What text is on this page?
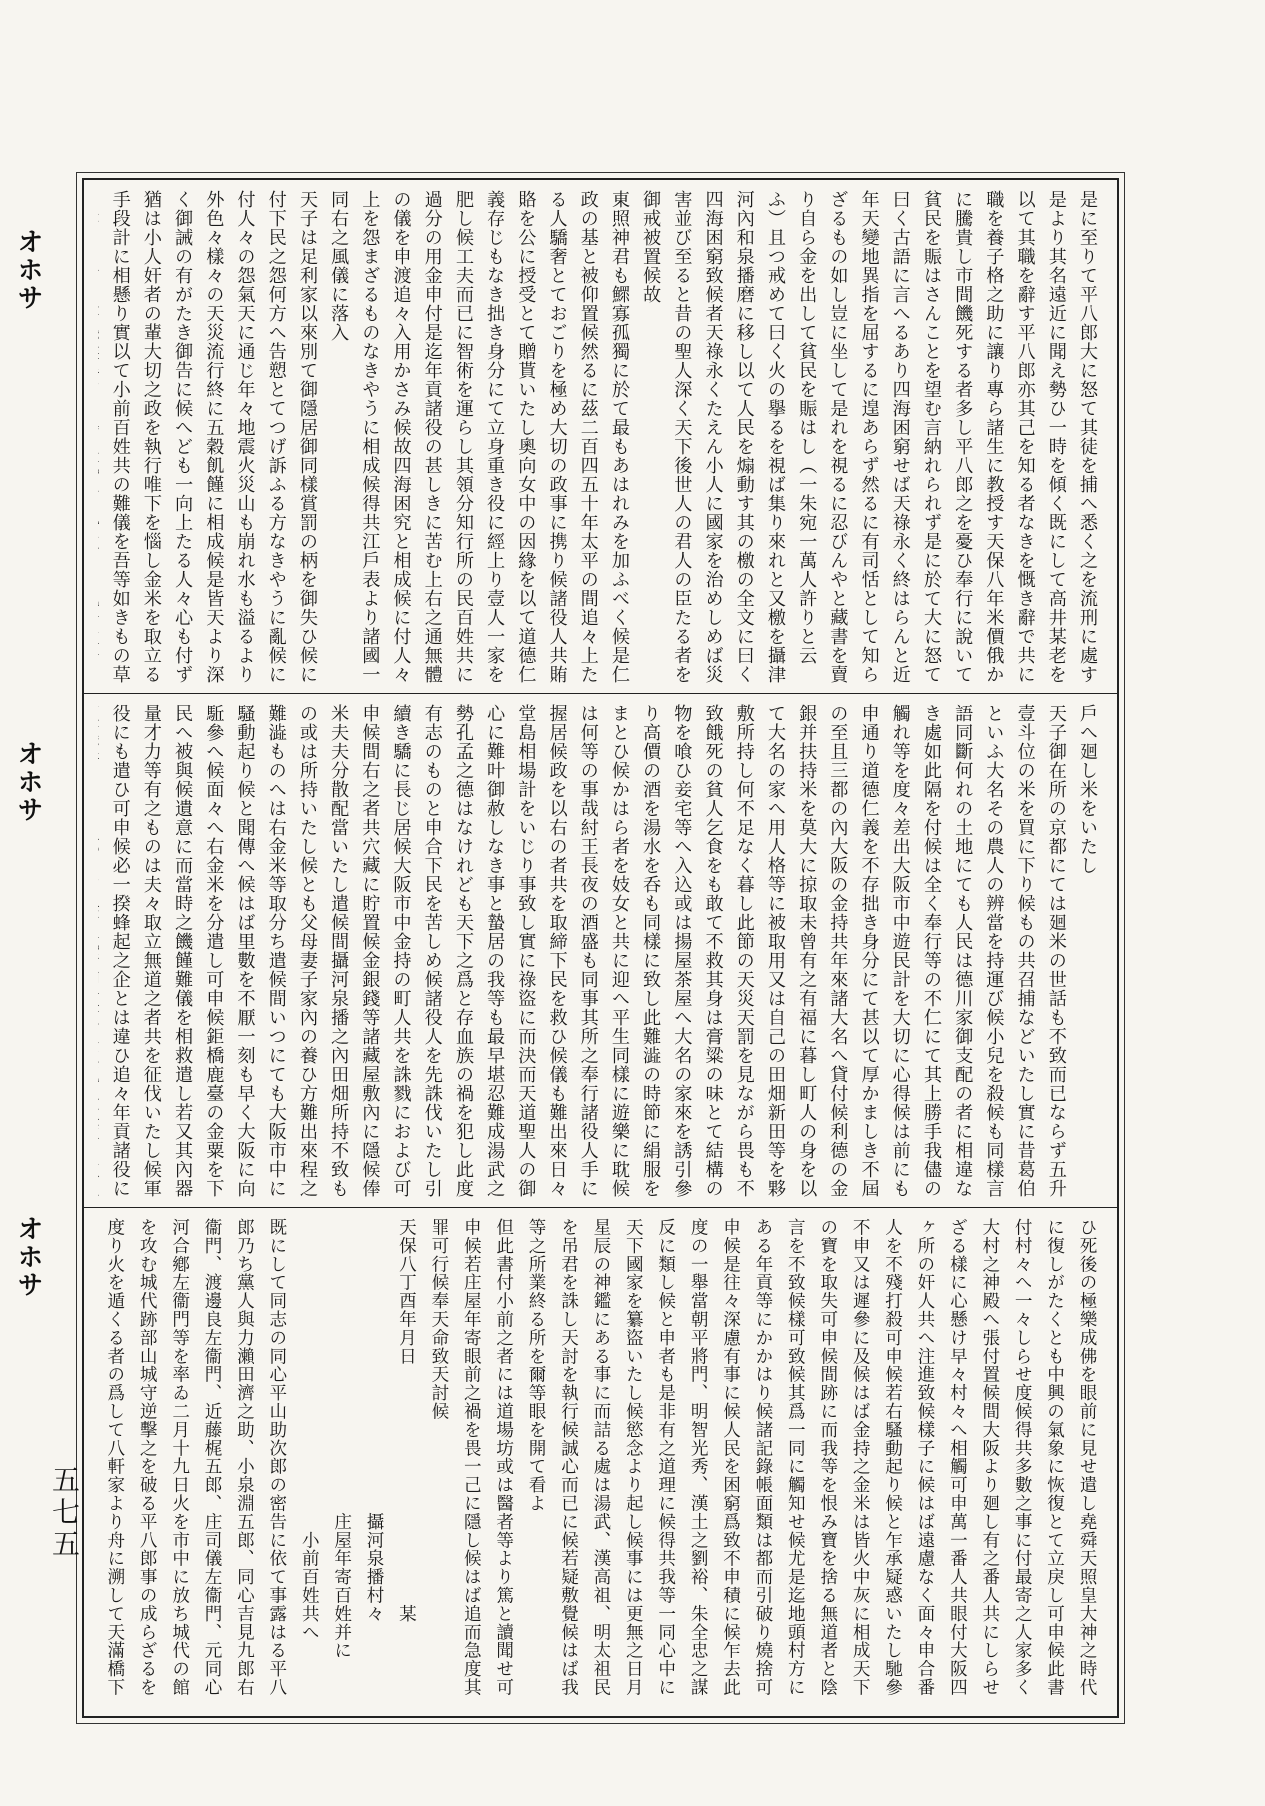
是に至りて平八郎大に怒て其徒を捕へ悉く之を流刑に處す是より其名遠近に聞え勢ひ一時を傾く既にして高井某老を以て其職を辭す平八郎亦其己を知る者なきを慨き辭で共に職を養子格之助に讓り專ら諸生に教授す天保八年米價俄かに騰貴し市間饑死する者多し平八郎之を憂ひ奉行に說いて貧民を賑はさんことを望む言納れられず是に於て大に怒て曰く古語に言へるあり四海困窮せば天祿永く終はらんと近年天變地異指を屈するに遑あらず然るに有司恬として知らざるもの如し豈に坐して是れを視るに忍びんやと藏書を賣り自ら金を出して貧民を賑はし（一朱宛一萬人許りと云ふ）且つ戒めて曰く火の擧るを視ば集り來れと又檄を攝津河內和泉播磨に移し以て人民を煽動す其の檄の全文に曰く
四海困窮致候者天祿永くたえん小人に國家を治めしめば災害並び至ると昔の聖人深く天下後世人の君人の臣たる者を御戒被置候故
東照神君も鰥寡孤獨に於て最もあはれみを加ふべく候是仁政の基と被仰置候然るに茲二百四五十年太平の間追々上たる人驕奢とておごりを極め大切の政事に携り候諸役人共賄賂を公に授受とて贈貰いたし奧向女中の因緣を以て道德仁義存じもなき拙き身分にて立身重き役に經上り壹人一家を肥し候工夫而已に智術を運らし其領分知行所の民百姓共に過分の用金申付是迄年貢諸役の甚しきに苦む上右之通無體の儀を申渡追々入用かさみ候故四海困究と相成候に付人々上を怨まざるものなきやうに相成候得共江戶表より諸國一同右之風儀に落入
天子は足利家以來別て御隱居御同樣賞罰の柄を御失ひ候に付下民之怨何方へ告愬とてつげ訴ふる方なきやうに亂候に付人々の怨氣天に通じ年々地震火災山も崩れ水も溢るより外色々樣々の天災流行終に五穀飢饉に相成候是皆天より深く御誡の有がたき御告に候へども一向上たる人々心も付ず猶は小人奸者の輩大切之政を執行唯下を惱し金米を取立る手段計に相懸り實以て小前百姓共の難儀を吾等如きもの草
戶へ廻し米をいたし
天子御在所の京都にては廻米の世話も不致而已ならず五升壹斗位の米を買に下り候もの共召捕などいたし實に昔葛伯といふ大名その農人の辨當を持運び候小兒を殺候も同樣言語同斷何れの土地にても人民は德川家御支配の者に相違なき處如此隔を付候は全く奉行等の不仁にて其上勝手我儘の觸れ等を度々差出大阪市中遊民計を大切に心得候は前にも申通り道德仁義を不存拙き身分にて甚以て厚かましき不屆の至且三都の內大阪の金持共年來諸大名へ貸付候利德の金銀并扶持米を莫大に掠取未曾有之有福に暮し町人の身を以て大名の家へ用人格等に被取用又は自己の田畑新田等を夥敷所持し何不足なく暮し此節の天災天罰を見ながら畏も不致餓死の貧人乞食をも敢て不救其身は膏粱の味とて結構の物を喰ひ妾宅等へ入込或は揚屋茶屋へ大名の家來を誘引參り高價の酒を湯水を呑も同樣に致し此難澁の時節に絹服をまとひ候かはら者を妓女と共に迎へ平生同樣に遊樂に耽候は何等の事哉紂王長夜の酒盛も同事其所之奉行諸役人手に握居候政を以右の者共を取締下民を救ひ候儀も難出來日々堂島相場計をいじり事致し實に祿盜に而決而天道聖人の御心に難叶御赦しなき事と蟄居の我等も最早堪忍難成湯武之勢孔孟之德はなけれども天下之爲と存血族の禍を犯し此度有志のものと申合下民を苦しめ候諸役人を先誅伐いたし引續き驕に長じ居候大阪市中金持の町人共を誅戮におよび可申候間右之者共穴藏に貯置候金銀錢等諸藏屋敷內に隱候俸米夫夫分散配當いたし遣候間攝河泉播之內田畑所持不致もの或は所持いたし候とも父母妻子家內の養ひ方難出來程之難澁ものへは右金米等取分ち遣候間いつにても大阪市中に騷動起り候と聞傳へ候はば里數を不厭一刻も早く大阪に向駈參へ候面々へ右金米を分遣し可申候鉅橋鹿臺の金粟を下民へ被與候遺意に而當時之饑饉難儀を相救遣し若又其內器量才力等有之ものは夫々取立無道之者共を征伐いたし候軍役にも遣ひ可申候必一揆蜂起之企とは違ひ追々年貢諸役に
ひ死後の極樂成佛を眼前に見せ遣し堯舜天照皇大神之時代に復しがたくとも中興の氣象に恢復とて立戾し可申候此書付村々へ一々しらせ度候得共多數之事に付最寄之人家多く大村之神殿へ張付置候間大阪より廻し有之番人共にしらせざる樣に心懸け早々村々へ相觸可申萬一番人共眼付大阪四ヶ所の奸人共へ注進致候樣子に候はば遠慮なく面々申合番人を不殘打殺可申候若右騷動起り候と乍承疑惑いたし馳參不申又は遲參に及候はば金持之金米は皆火中灰に相成天下の寶を取失可申候間跡に而我等を恨み寶を捨る無道者と陰言を不致候樣可致候其爲一同に觸知せ候尤是迄地頭村方にある年貢等にかかはり候諸記錄帳面類は都而引破り燒捨可申候是往々深慮有事に候人民を困窮爲致不申積に候乍去此度の一舉當朝平將門、明智光秀、漢土之劉裕、朱全忠之謀反に類し候と申者も是非有之道理に候得共我等一同心中に天下國家を纂盜いたし候慾念より起し候事には更無之日月星辰の神鑑にある事に而詰る處は湯武、漢高祖、明太祖民を吊君を誅し天討を執行候誠心而已に候若疑敷覺候はば我等之所業終る所を爾等眼を開て看よ
但此書付小前之者には道場坊或は醫者等より篤と讀聞せ可申候若庄屋年寄眼前之禍を畏一己に隱し候はば追而急度其罪可行候奉天命致天討候
天保八丁酉年月日　　　　　　　　　　　　　某
　　　　　　　　　　　　　　　　攝河泉播村々
　　　　　　　　　　　　　　　　庄屋年寄百姓并に
　　　　　　　　　　　　　　　　　小前百姓共へ
既にして同志の同心平山助次郎の密告に依て事露はる平八郎乃ち黨人與力瀨田濟之助、小泉淵五郎、同心吉見九郎右衞門、渡邊良左衞門、近藤梶五郎、庄司儀左衞門、元同心河合鄕左衞門等を率ゐ二月十九日火を市中に放ち城代の館を攻む城代跡部山城守逆擊之を破る平八郎事の成らざるを度り火を遁くる者の爲して八軒家より舟に溯して天滿橋下
オホサ
オホサ
オホサ
五七五
